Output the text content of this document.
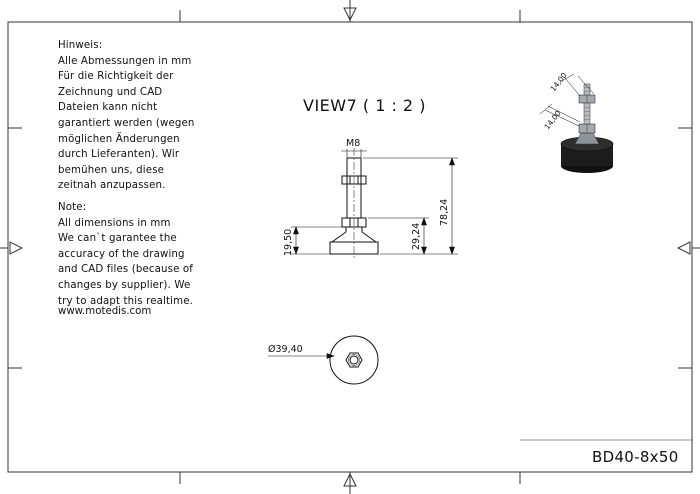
M8
78,24
29,24
19,50
Ø39,40
14,00
14,00
Hinweis:
Alle Abmessungen in mm
Für die Richtigkeit der
Zeichnung und CAD
Dateien kann nicht
garantiert werden (wegen
möglichen Änderungen
durch Lieferanten). Wir
bemühen uns, diese
zeitnah anzupassen.
Note:
All dimensions in mm
We can`t garantee the
accuracy of the drawing
and CAD files (because of
changes by supplier). We
try to adapt this realtime.
www.motedis.com
VIEW7 ( 1 : 2 )
BD40-8x50
